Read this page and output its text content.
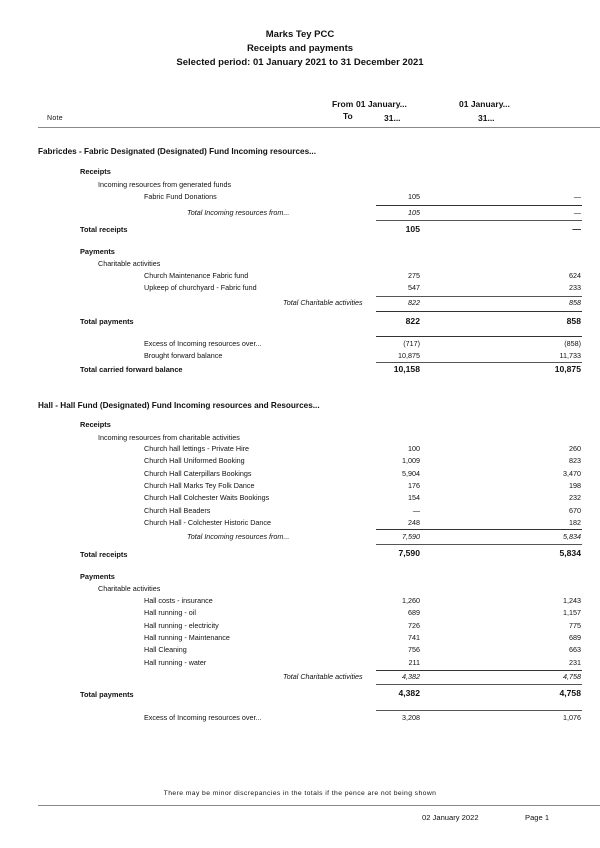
Marks Tey PCC
Receipts and payments
Selected period: 01 January 2021 to 31 December 2021
Note
From 01 January...
To	31...
01 January...
31...
Fabricdes - Fabric Designated (Designated) Fund Incoming resources...
Receipts
Incoming resources from generated funds
Fabric Fund Donations	105	—
Total Incoming resources from...	105	—
Total receipts	105	—
Payments
Charitable activities
Church Maintenance Fabric fund	275	624
Upkeep of churchyard - Fabric fund	547	233
Total Charitable activities	822	858
Total payments	822	858
Excess of Incoming resources over...	(717)	(858)
Brought forward balance	10,875	11,733
Total carried forward balance	10,158	10,875
Hall - Hall Fund (Designated) Fund Incoming resources and Resources...
Receipts
Incoming resources from charitable activities
Church hall lettings - Private Hire	100	260
Church Hall Uniformed Booking	1,009	823
Church Hall Caterpillars Bookings	5,904	3,470
Church Hall Marks Tey Folk Dance	176	198
Church Hall Colchester Waits Bookings	154	232
Church Hall Beaders	—	670
Church Hall - Colchester Historic Dance	248	182
Total Incoming resources from...	7,590	5,834
Total receipts	7,590	5,834
Payments
Charitable activities
Hall costs - insurance	1,260	1,243
Hall running - oil	689	1,157
Hall running - electricity	726	775
Hall running - Maintenance	741	689
Hall Cleaning	756	663
Hall running - water	211	231
Total Charitable activities	4,382	4,758
Total payments	4,382	4,758
Excess of Incoming resources over...	3,208	1,076
There may be minor discrepancies in the totals if the pence are not being shown
02 January 2022	Page 1
